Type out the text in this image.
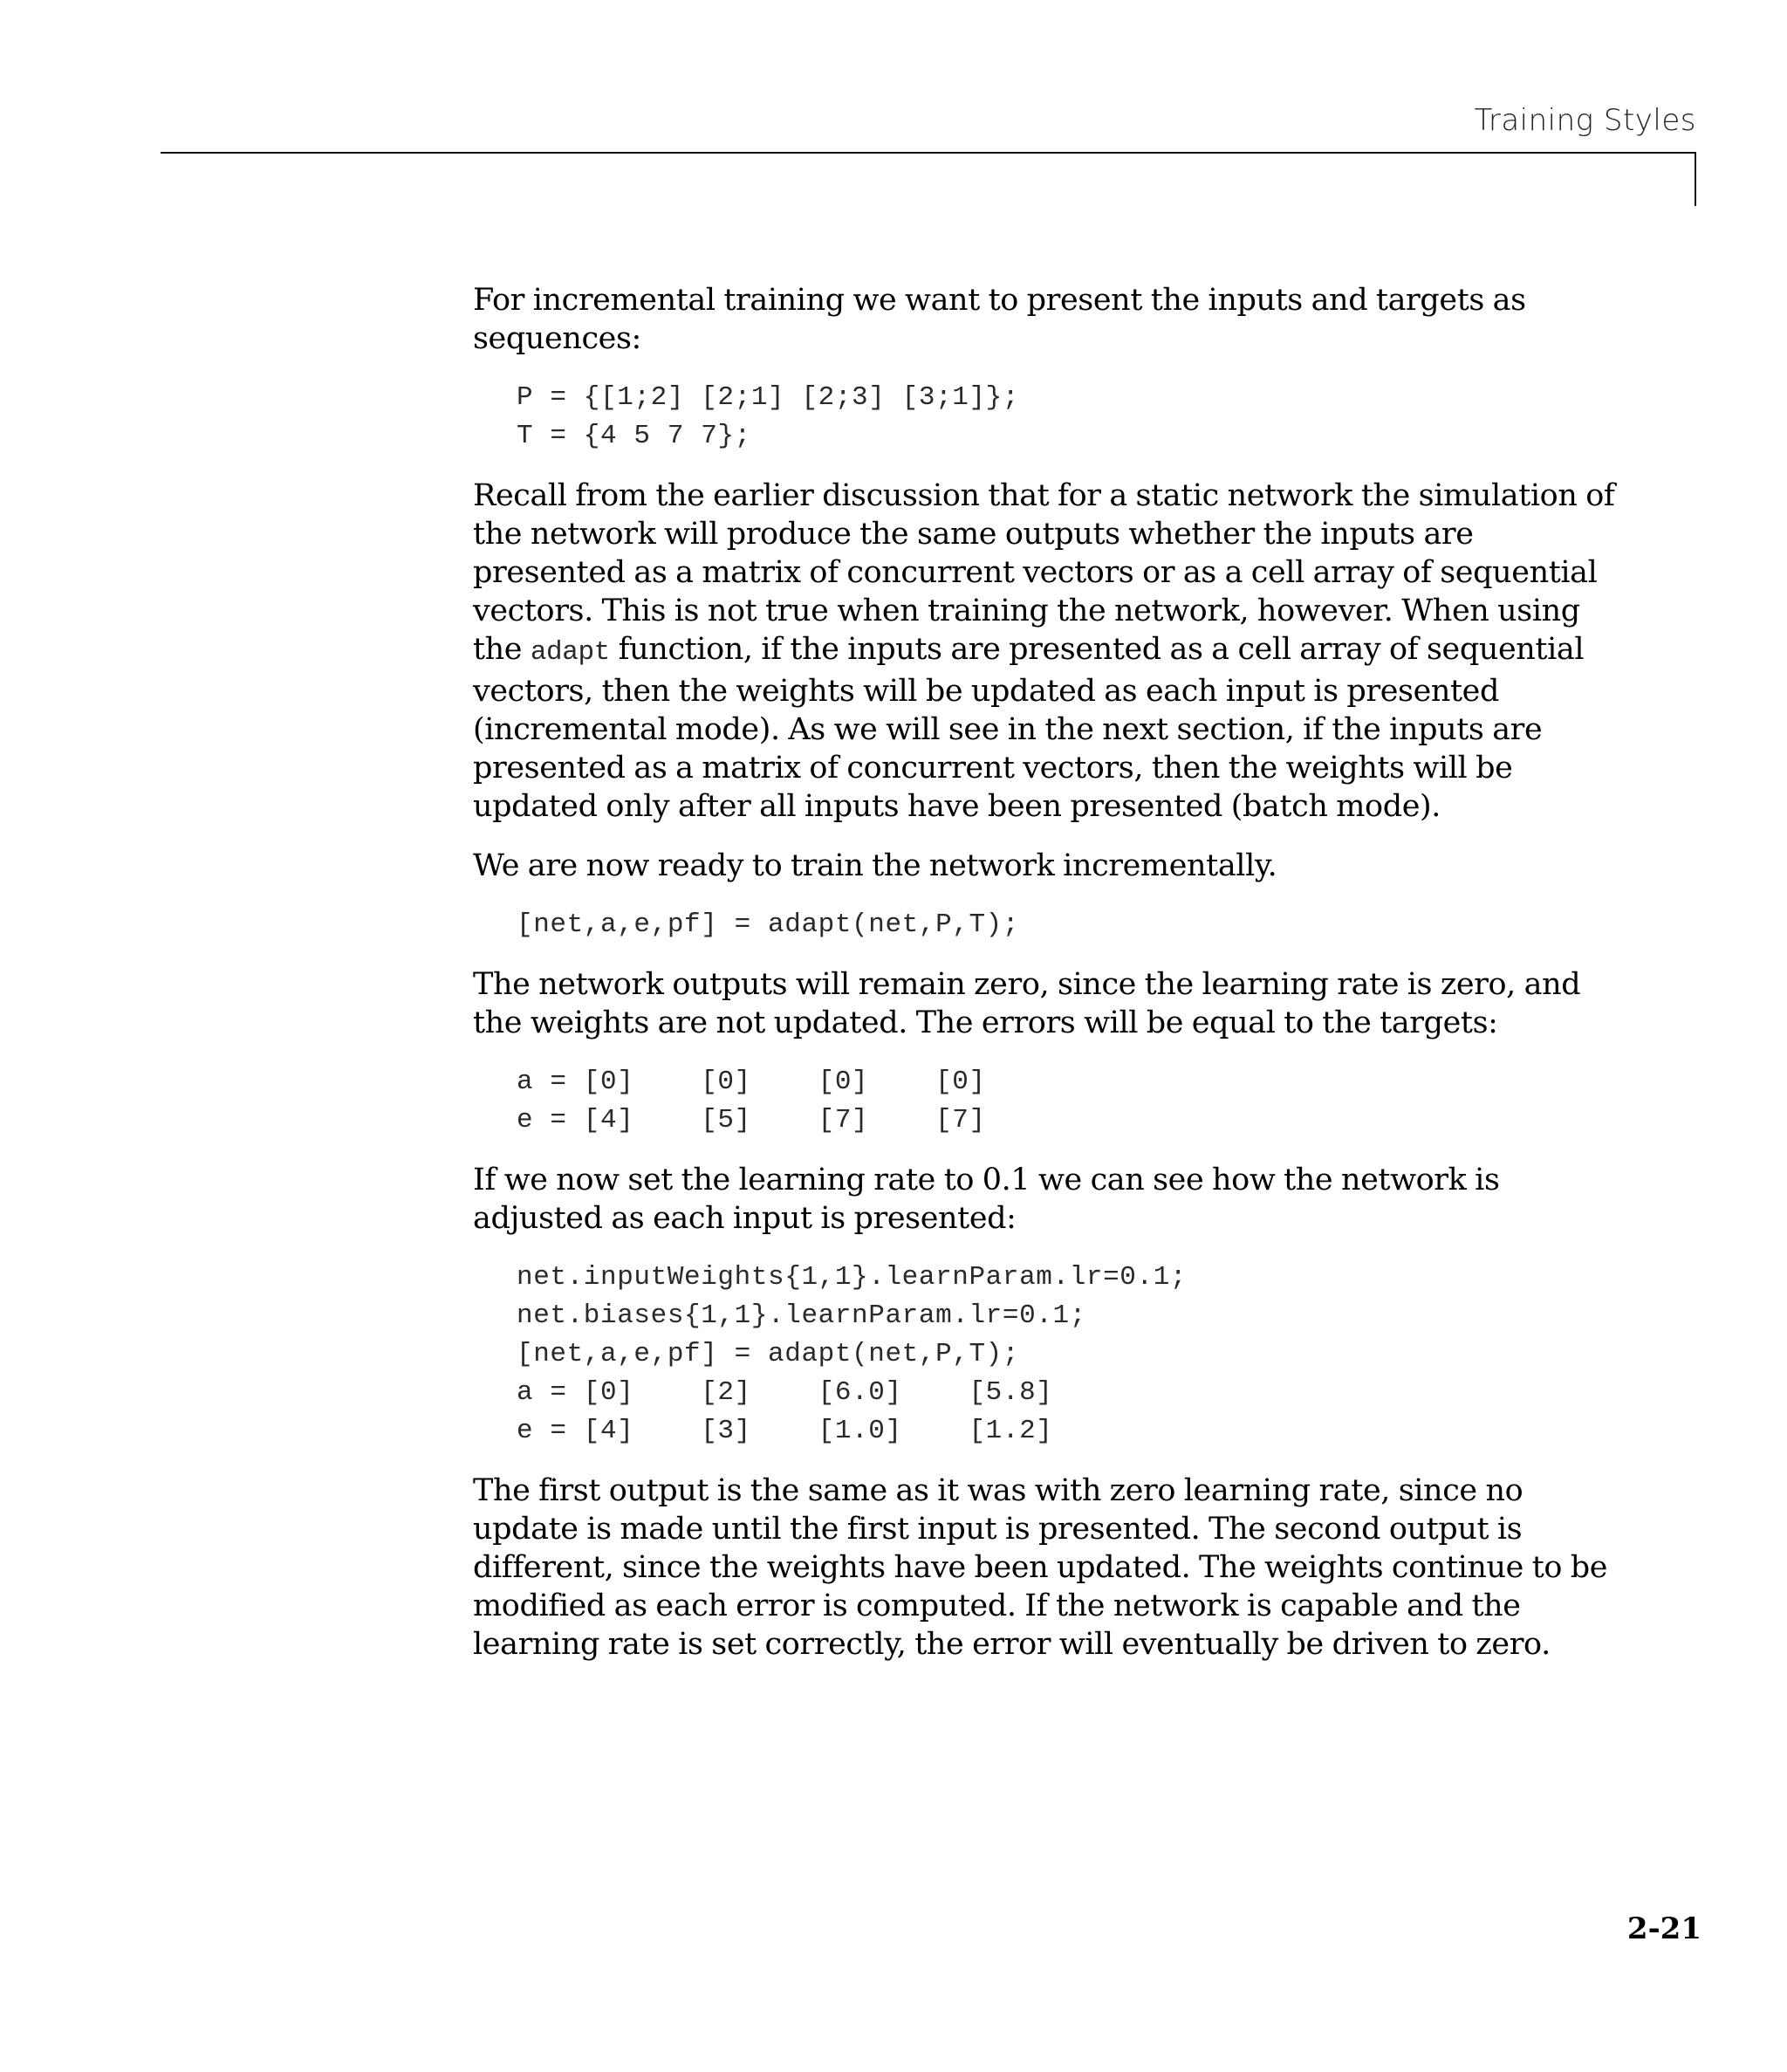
Training Styles

For incremental training we want to present the inputs and targets as sequences:

P = {[1;2] [2;1] [2;3] [3;1]};
T = {4 5 7 7};

Recall from the earlier discussion that for a static network the simulation of the network will produce the same outputs whether the inputs are presented as a matrix of concurrent vectors or as a cell array of sequential vectors. This is not true when training the network, however. When using the adapt function, if the inputs are presented as a cell array of sequential vectors, then the weights will be updated as each input is presented (incremental mode). As we will see in the next section, if the inputs are presented as a matrix of concurrent vectors, then the weights will be updated only after all inputs have been presented (batch mode).

We are now ready to train the network incrementally.

[net,a,e,pf] = adapt(net,P,T);

The network outputs will remain zero, since the learning rate is zero, and the weights are not updated. The errors will be equal to the targets:

a = [0]    [0]    [0]    [0]
e = [4]    [5]    [7]    [7]

If we now set the learning rate to 0.1 we can see how the network is adjusted as each input is presented:

net.inputWeights{1,1}.learnParam.lr=0.1;
net.biases{1,1}.learnParam.lr=0.1;
[net,a,e,pf] = adapt(net,P,T);
a = [0]    [2]    [6.0]    [5.8]
e = [4]    [3]    [1.0]    [1.2]

The first output is the same as it was with zero learning rate, since no update is made until the first input is presented. The second output is different, since the weights have been updated. The weights continue to be modified as each error is computed. If the network is capable and the learning rate is set correctly, the error will eventually be driven to zero.

2-21
